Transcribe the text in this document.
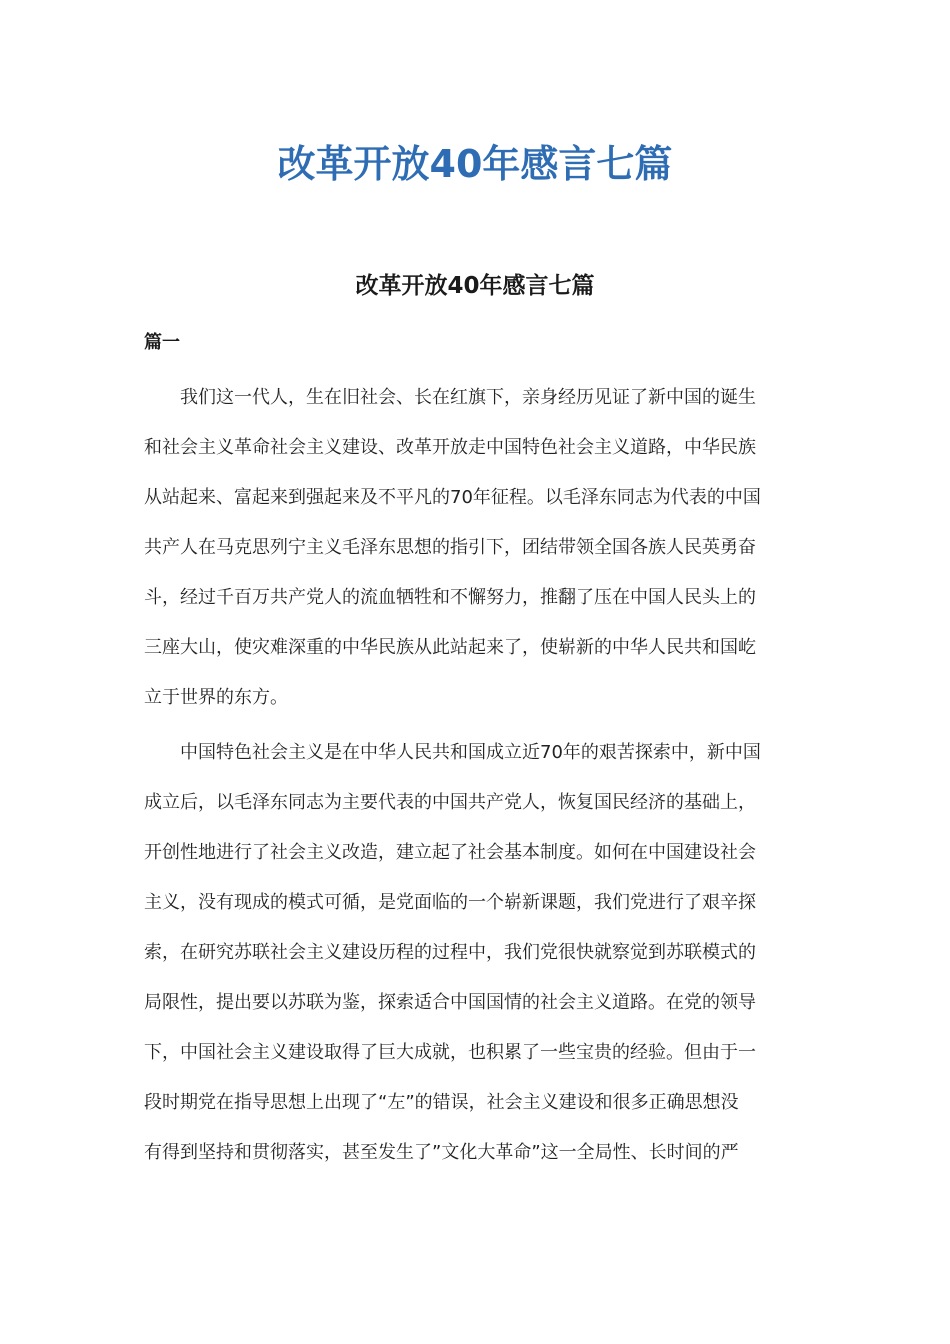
改革开放40年感言七篇
改革开放40年感言七篇
篇一
　　我们这一代人，生在旧社会、长在红旗下，亲身经历见证了新中国的诞生
和社会主义革命社会主义建设、改革开放走中国特色社会主义道路，中华民族
从站起来、富起来到强起来及不平凡的70年征程。以毛泽东同志为代表的中国
共产人在马克思列宁主义毛泽东思想的指引下，团结带领全国各族人民英勇奋
斗，经过千百万共产党人的流血牺牲和不懈努力，推翻了压在中国人民头上的
三座大山，使灾难深重的中华民族从此站起来了，使崭新的中华人民共和国屹
立于世界的东方。
　　中国特色社会主义是在中华人民共和国成立近70年的艰苦探索中，新中国
成立后，以毛泽东同志为主要代表的中国共产党人，恢复国民经济的基础上，
开创性地进行了社会主义改造，建立起了社会基本制度。如何在中国建设社会
主义，没有现成的模式可循，是党面临的一个崭新课题，我们党进行了艰辛探
索，在研究苏联社会主义建设历程的过程中，我们党很快就察觉到苏联模式的
局限性，提出要以苏联为鉴，探索适合中国国情的社会主义道路。在党的领导
下，中国社会主义建设取得了巨大成就，也积累了一些宝贵的经验。但由于一
段时期党在指导思想上出现了“左”的错误，社会主义建设和很多正确思想没
有得到坚持和贯彻落实，甚至发生了”文化大革命”这一全局性、长时间的严
